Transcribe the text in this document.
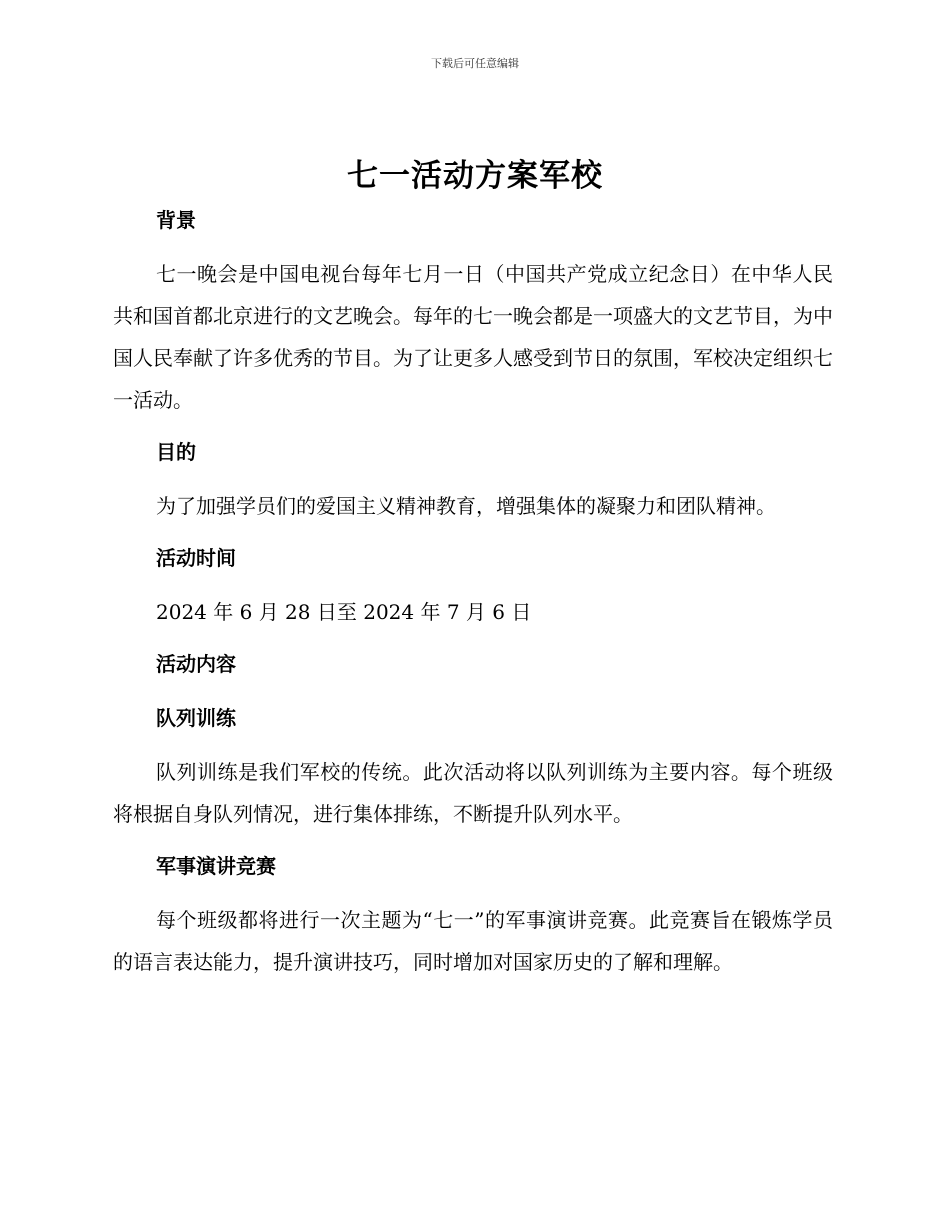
下载后可任意编辑
七一活动方案军校

背景

七一晚会是中国电视台每年七月一日（中国共产党成立纪念日）在中华人民共和国首都北京进行的文艺晚会。每年的七一晚会都是一项盛大的文艺节目，为中国人民奉献了许多优秀的节目。为了让更多人感受到节日的氛围，军校决定组织七一活动。

目的

为了加强学员们的爱国主义精神教育，增强集体的凝聚力和团队精神。

活动时间

2024 年 6 月 28 日至 2024 年 7 月 6 日

活动内容

队列训练

队列训练是我们军校的传统。此次活动将以队列训练为主要内容。每个班级将根据自身队列情况，进行集体排练，不断提升队列水平。

军事演讲竞赛

每个班级都将进行一次主题为“七一”的军事演讲竞赛。此竞赛旨在锻炼学员的语言表达能力，提升演讲技巧，同时增加对国家历史的了解和理解。
